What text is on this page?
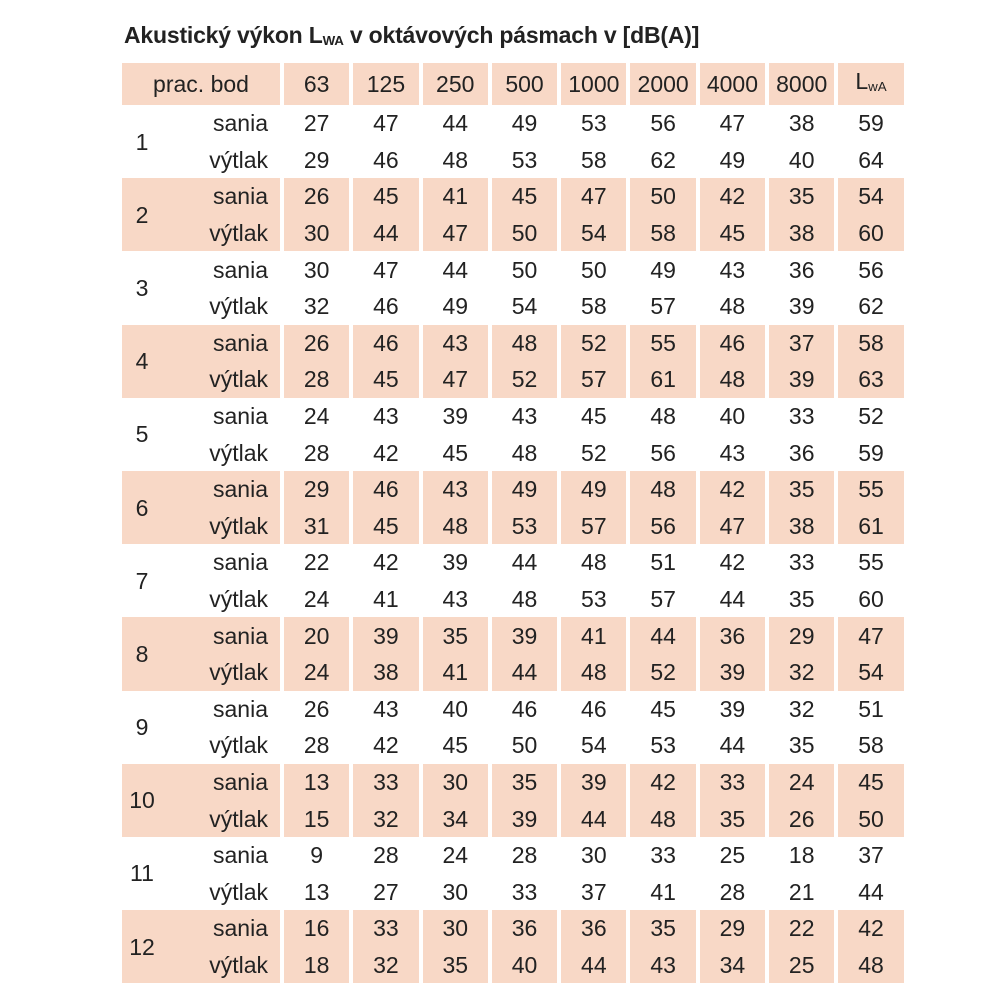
Akustický výkon $L_{WA}$ v oktávových pásmach v [dB(A)]
prac. bod		63	125	250	500	1000	2000	4000	8000	$L_{wA}$
1	sania	27	47	44	49	53	56	47	38	59
	výtlak	29	46	48	53	58	62	49	40	64
2	sania	26	45	41	45	47	50	42	35	54
	výtlak	30	44	47	50	54	58	45	38	60
3	sania	30	47	44	50	50	49	43	36	56
	výtlak	32	46	49	54	58	57	48	39	62
4	sania	26	46	43	48	52	55	46	37	58
	výtlak	28	45	47	52	57	61	48	39	63
5	sania	24	43	39	43	45	48	40	33	52
	výtlak	28	42	45	48	52	56	43	36	59
6	sania	29	46	43	49	49	48	42	35	55
	výtlak	31	45	48	53	57	56	47	38	61
7	sania	22	42	39	44	48	51	42	33	55
	výtlak	24	41	43	48	53	57	44	35	60
8	sania	20	39	35	39	41	44	36	29	47
	výtlak	24	38	41	44	48	52	39	32	54
9	sania	26	43	40	46	46	45	39	32	51
	výtlak	28	42	45	50	54	53	44	35	58
10	sania	13	33	30	35	39	42	33	24	45
	výtlak	15	32	34	39	44	48	35	26	50
11	sania	9	28	24	28	30	33	25	18	37
	výtlak	13	27	30	33	37	41	28	21	44
12	sania	16	33	30	36	36	35	29	22	42
	výtlak	18	32	35	40	44	43	34	25	48
